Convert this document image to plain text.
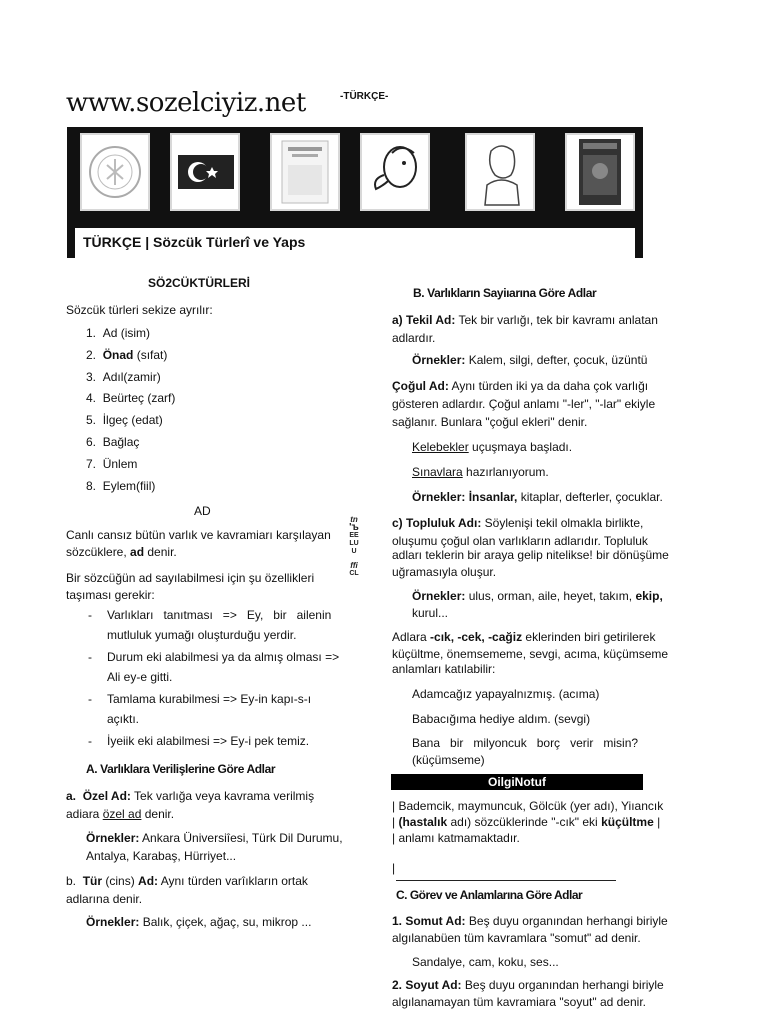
www.sozelciyiz.net	-TÜRKÇE-
TÜRKÇE | Sözcük Türlerî ve Yaps
SÖ2CÜKTÜRLERİ
Sözcük türleri sekize ayrılır:
1. Ad (isim)
2. Önad (sıfat)
3. Adıl(zamir)
4. Beürteç (zarf)
5. İlgeç (edat)
6. Bağlaç
7. Ünlem
8. Eylem(fiil)
AD
Canlı cansız bütün varlık ve kavramiarı karşılayan
sözcüklere, ad denir.
tn
'ъ
EE
LU
U
ffi
CL
Bir sözcüğün ad sayılabilmesi için şu özellikleri
taşıması gerekir:
- Varlıkları   tanıtması   =>   Ey,   bir   ailenin
mutluluk yumağı oluşturduğu yerdir.
- Durum eki alabilmesi ya da almış olması =>
Ali ey-e gitti.
- Tamlama kurabilmesi => Ey-in kapı-s-ı
açıktı.
- İyeiik eki alabilmesi => Ey-i pek temiz.
A. Varlıklara Verilişlerine Göre Adlar
a. Özel Ad: Tek varlığa veya kavrama verilmiş
adiara özel ad denir.
Örnekler: Ankara Üniversiîesi, Türk Dil Durumu,
Antalya, Karabaş, Hürriyet...
b. Tür (cins) Ad: Aynı türden varîıkların ortak
adlarına denir.
Örnekler: Balık, çiçek, ağaç, su, mikrop ...
B. Varlıkların Sayiıarına Göre Adlar
a) Tekil Ad: Tek bir varlığı, tek bir kavramı anlatan
adlardır.
Örnekler: Kalem, silgi, defter, çocuk, üzüntü
Çoğul Ad: Aynı türden iki ya da daha çok varlığı
gösteren adlardır. Çoğul anlamı "-ler", "-lar" ekiyle
sağlanır. Bunlara "çoğul ekleri" denir.
Kelebekler uçuşmaya başladı.
Sınavlara hazırlanıyorum.
Örnekler: İnsanlar, kitaplar, defterler, çocuklar.
c) Topluluk Adı: Söylenişi tekil olmakla birlikte,
oluşumu çoğul olan varlıkların adlarıdır. Topluluk
adları teklerin bir araya gelip nitelikse! bir dönüşüme
uğramasıyla oluşur.
Örnekler: ulus, orman, aile, heyet, takım, ekip,
kurul...
Adlara -cık, -cek, -cağiz eklerinden biri getirilerek
küçültme, önemsememe, sevgi, acıma, küçümseme
anlamları katılabilir:
Adamcağız yapayalnızmış. (acıma)
Babacığıma hediye aldım. (sevgi)
Bana   bir   milyoncuk   borç   verir   misin?
(küçümseme)
OilgiNotuf
| Bademcik, maymuncuk, Gölcük (yer adı), Yiıancık
| (hastalık adı) sözcüklerinde "-cık" eki küçültme |
| anlamı katmamaktadır.
|
C. Görev ve Anlamlarına Göre Adlar
1. Somut Ad: Beş duyu organından herhangi biriyle
algılanabüen tüm kavramlara "somut" ad denir.
Sandalye, cam, koku, ses...
2. Soyut Ad: Beş duyu organından herhangi biriyle
algılanamayan tüm kavramiara "soyut" ad denir.
